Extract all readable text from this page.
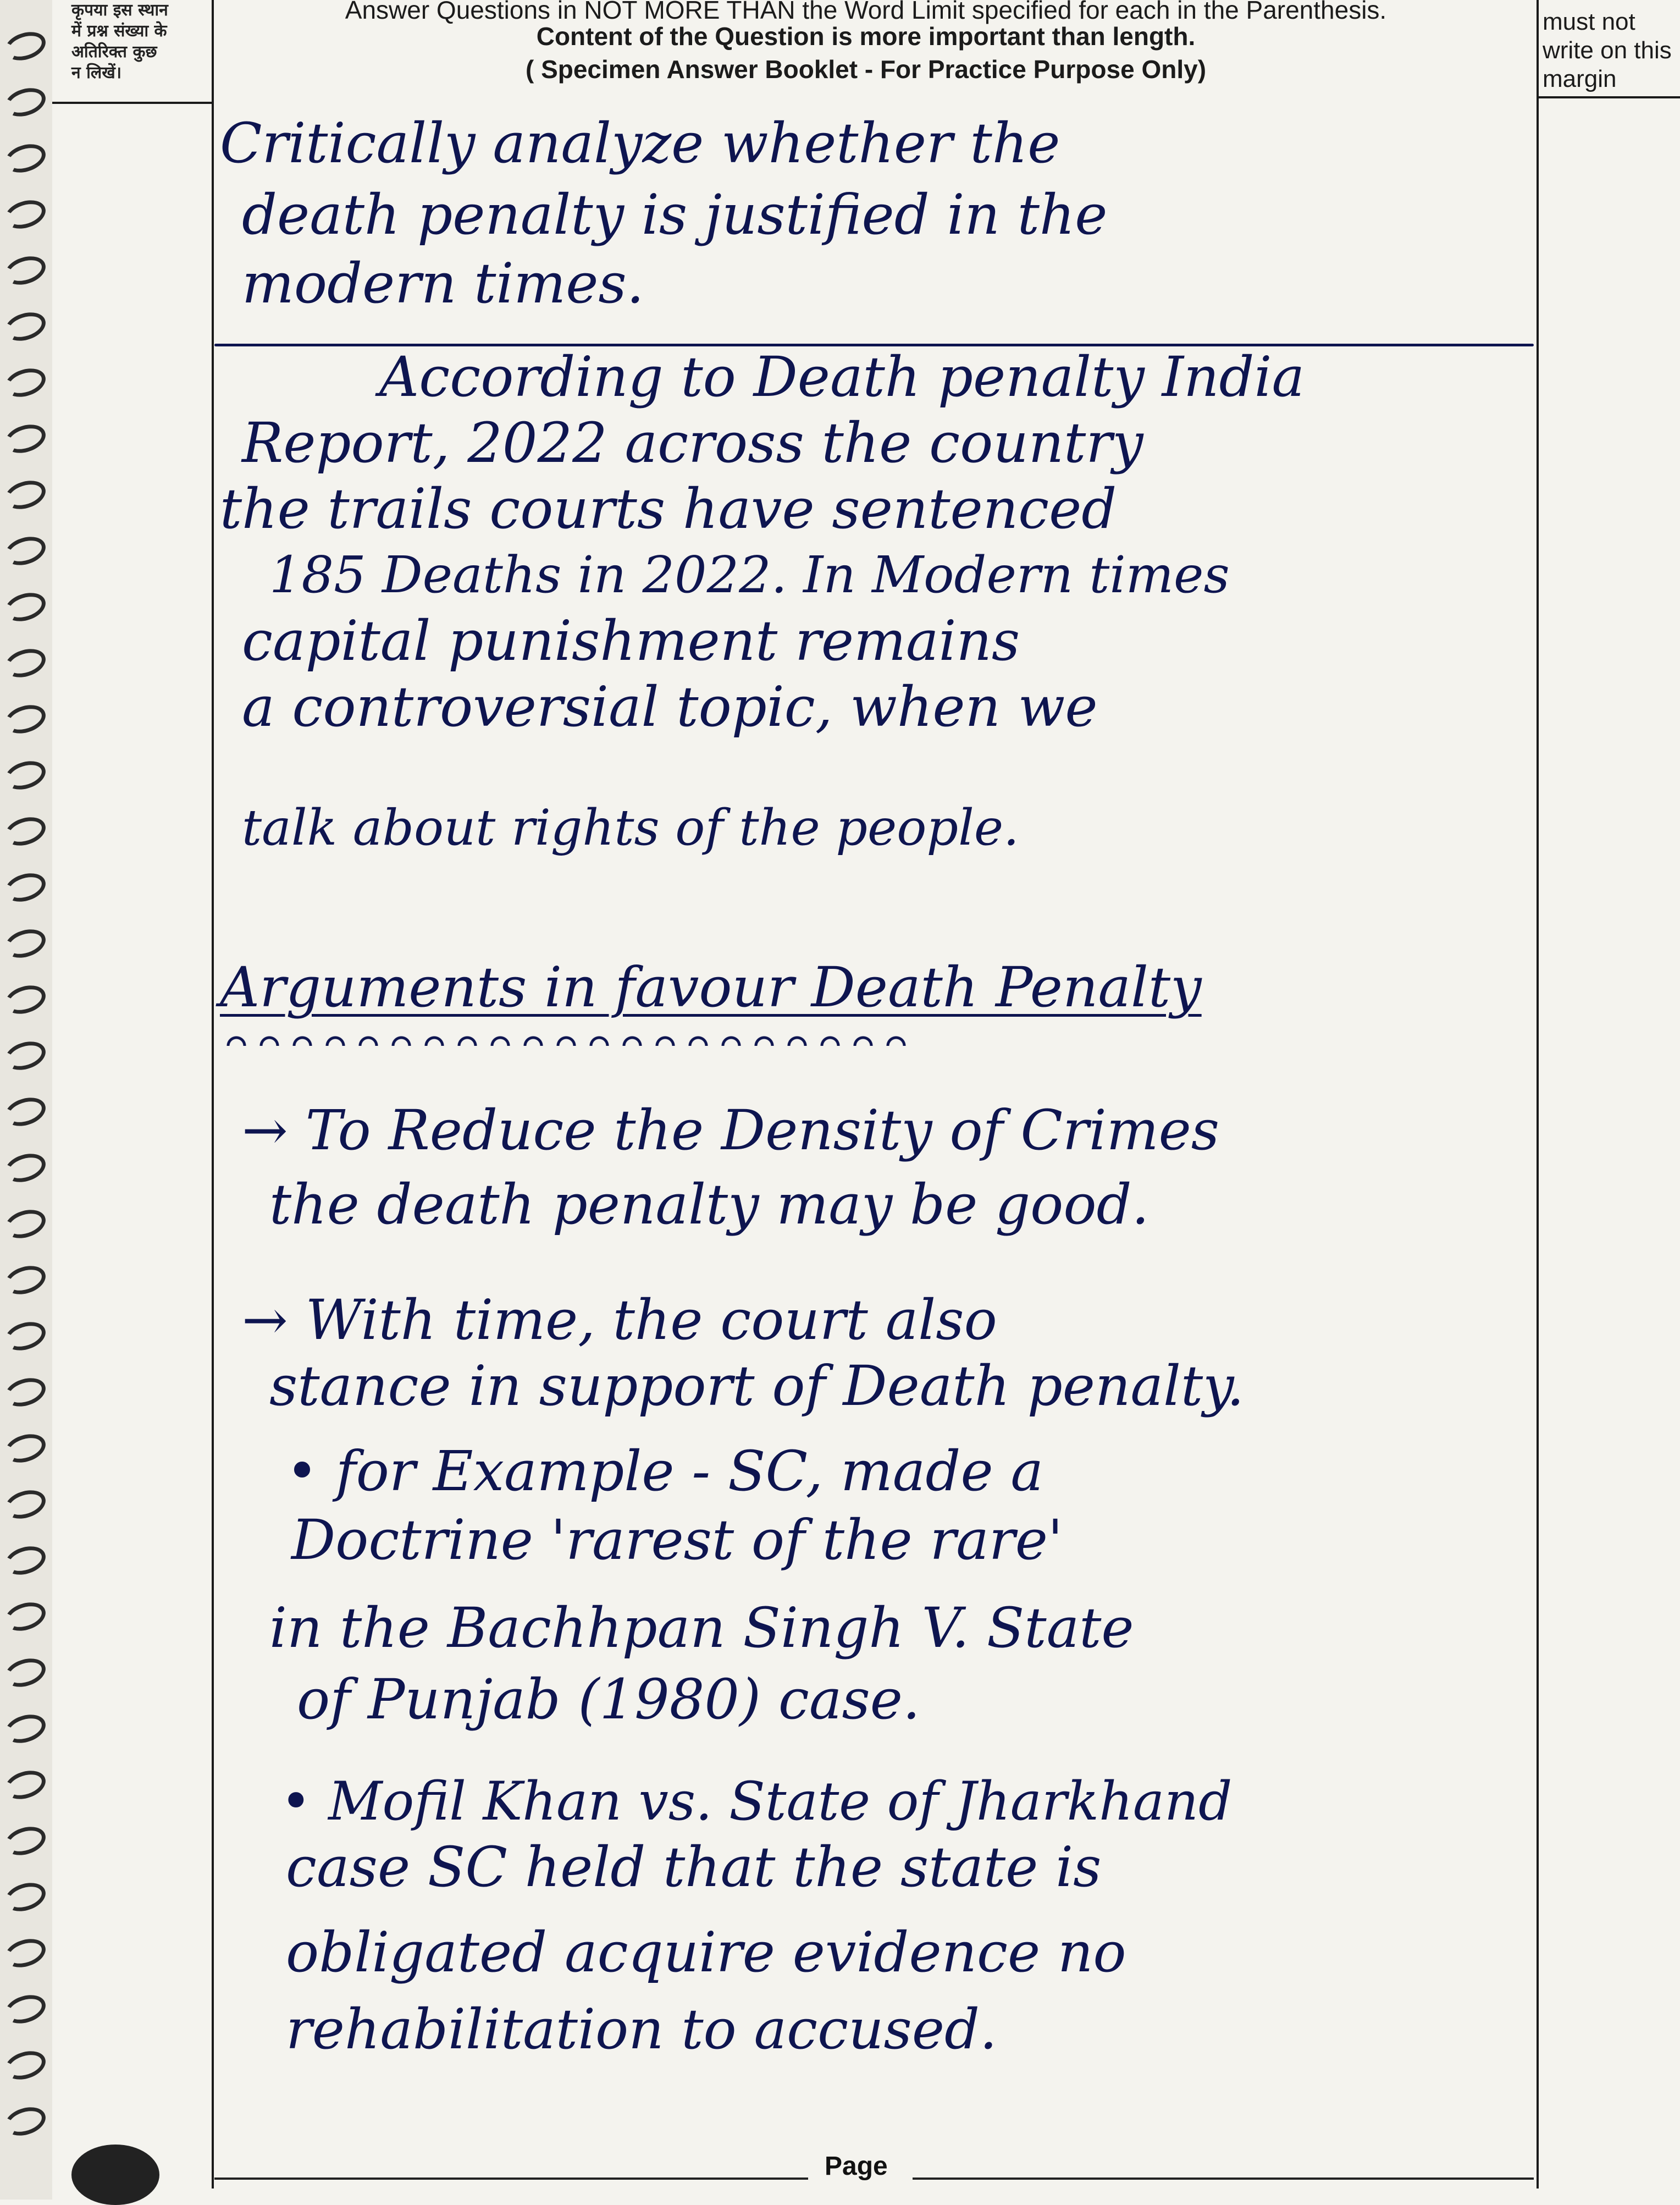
कृपया इस स्थान
में प्रश्न संख्या के
अतिरिक्त कुछ
न लिखें।
Answer Questions in NOT MORE THAN the Word Limit specified for each in the Parenthesis.
Content of the Question is more important than length.
( Specimen Answer Booklet - For Practice Purpose Only)
must not
write on this
margin
Critically analyze whether the
death penalty is justified in the
modern times.
According to Death penalty India
Report, 2022 across the country
the trails courts have sentenced
185 Deaths in 2022. In Modern times
capital punishment remains
a controversial topic, when we
talk about rights of the people.
Arguments in favour Death Penalty
→ To Reduce the Density of Crimes
the death penalty may be good.
→ With time, the court also
stance in support of Death penalty.
• for Example - SC, made a
Doctrine 'rarest of the rare'
in the Bachhpan Singh V. State
of Punjab (1980) case.
• Mofil Khan vs. State of Jharkhand
case SC held that the state is
obligated acquire evidence no
rehabilitation to accused.
Page
